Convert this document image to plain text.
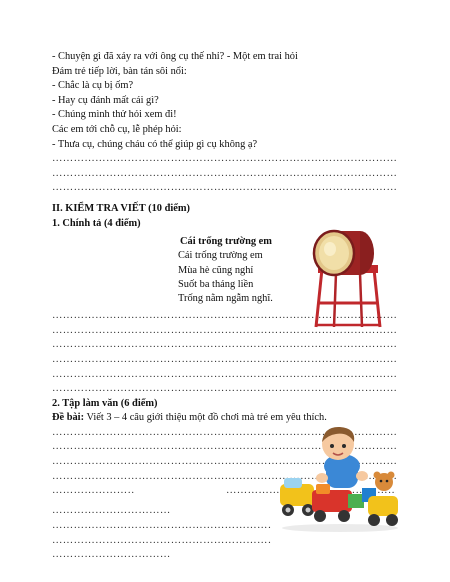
- Chuyện gì đã xảy ra với ông cụ thế nhỉ? - Một em trai hỏi
Đám trẻ tiếp lời, bàn tán sôi nổi:
- Chắc là cụ bị ốm?
- Hay cụ đánh mất cái gì?
- Chúng mình thử hỏi xem đi!
Các em tới chỗ cụ, lễ phép hỏi:
- Thưa cụ, chúng cháu có thể giúp gì cụ không ạ?
…………………………………………………………………………………………………………………………………………
…………………………………………………………………………………………………………………………………………
…………………………………………………………………………………………………………………………………………
II. KIỂM TRA VIẾT (10 điểm)
1. Chính tả (4 điểm)
Cái trống trường em
Cái trống trường em
Mùa hè cũng nghỉ
Suốt ba tháng liền
Trống nằm ngẫm nghĩ.
…………………………………………………………………………………………………………………………………………
…………………………………………………………………………………………………………………………………………
…………………………………………………………………………………………………………………………………………
…………………………………………………………………………………………………………………………………………
…………………………………………………………………………………………………………………………………………
…………………………………………………………………………………………………………………………………………
2. Tập làm văn (6 điểm)
Đề bài: Viết 3 – 4 câu giới thiệu một đồ chơi mà trẻ em yêu thích.
…………………………………………………………………………………………………………………………………………
…………………………………………………………………………………………………………………………………………
…………………………………………………………………………………………………………………………………………
…………………………………………………………………………………………………………………………………………
……………………………………………………………………………………………………………………………………………………………………………………………………………………………………………………………………………………
……………………………
…………………………………………………………………………………………………………………………………………
…………………………………………………………………………………………………………………………………………
……………………………
